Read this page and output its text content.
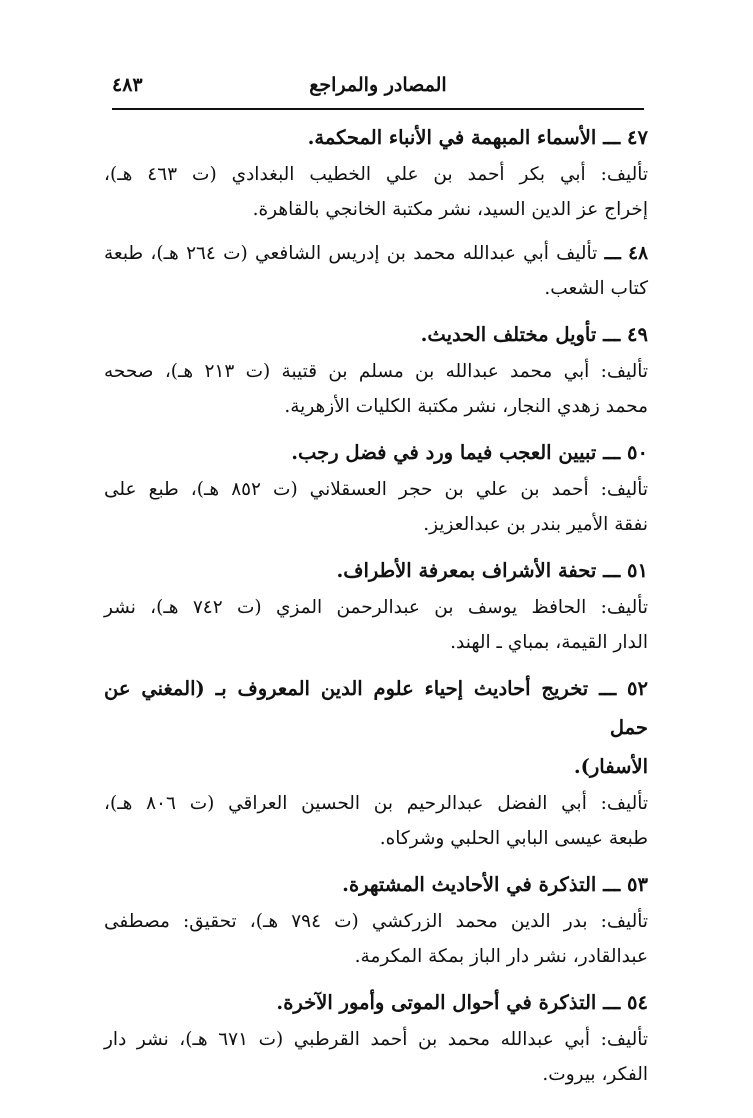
المصادر والمراجع
٤٨٣
٤٧ ـــ الأسماء المبهمة في الأنباء المحكمة.
تأليف: أبي بكر أحمد بن علي الخطيب البغدادي (ت ٤٦٣ هـ)،
إخراج عز الدين السيد، نشر مكتبة الخانجي بالقاهرة.
٤٨ ـــ تأليف أبي عبدالله محمد بن إدريس الشافعي (ت ٢٦٤ هـ)، طبعة
كتاب الشعب.
٤٩ ـــ تأويل مختلف الحديث.
تأليف: أبي محمد عبدالله بن مسلم بن قتيبة (ت ٢١٣ هـ)، صححه
محمد زهدي النجار، نشر مكتبة الكليات الأزهرية.
٥٠ ـــ تبيين العجب فيما ورد في فضل رجب.
تأليف: أحمد بن علي بن حجر العسقلاني (ت ٨٥٢ هـ)، طبع على
نفقة الأمير بندر بن عبدالعزيز.
٥١ ـــ تحفة الأشراف بمعرفة الأطراف.
تأليف: الحافظ يوسف بن عبدالرحمن المزي (ت ٧٤٢ هـ)، نشر
الدار القيمة، بمباي ـ الهند.
٥٢ ـــ تخريج أحاديث إحياء علوم الدين المعروف بـ (المغني عن حمل
الأسفار).
تأليف: أبي الفضل عبدالرحيم بن الحسين العراقي (ت ٨٠٦ هـ)،
طبعة عيسى البابي الحلبي وشركاه.
٥٣ ـــ التذكرة في الأحاديث المشتهرة.
تأليف: بدر الدين محمد الزركشي (ت ٧٩٤ هـ)، تحقيق: مصطفى
عبدالقادر، نشر دار الباز بمكة المكرمة.
٥٤ ـــ التذكرة في أحوال الموتى وأمور الآخرة.
تأليف: أبي عبدالله محمد بن أحمد القرطبي (ت ٦٧١ هـ)، نشر دار
الفكر، بيروت.
